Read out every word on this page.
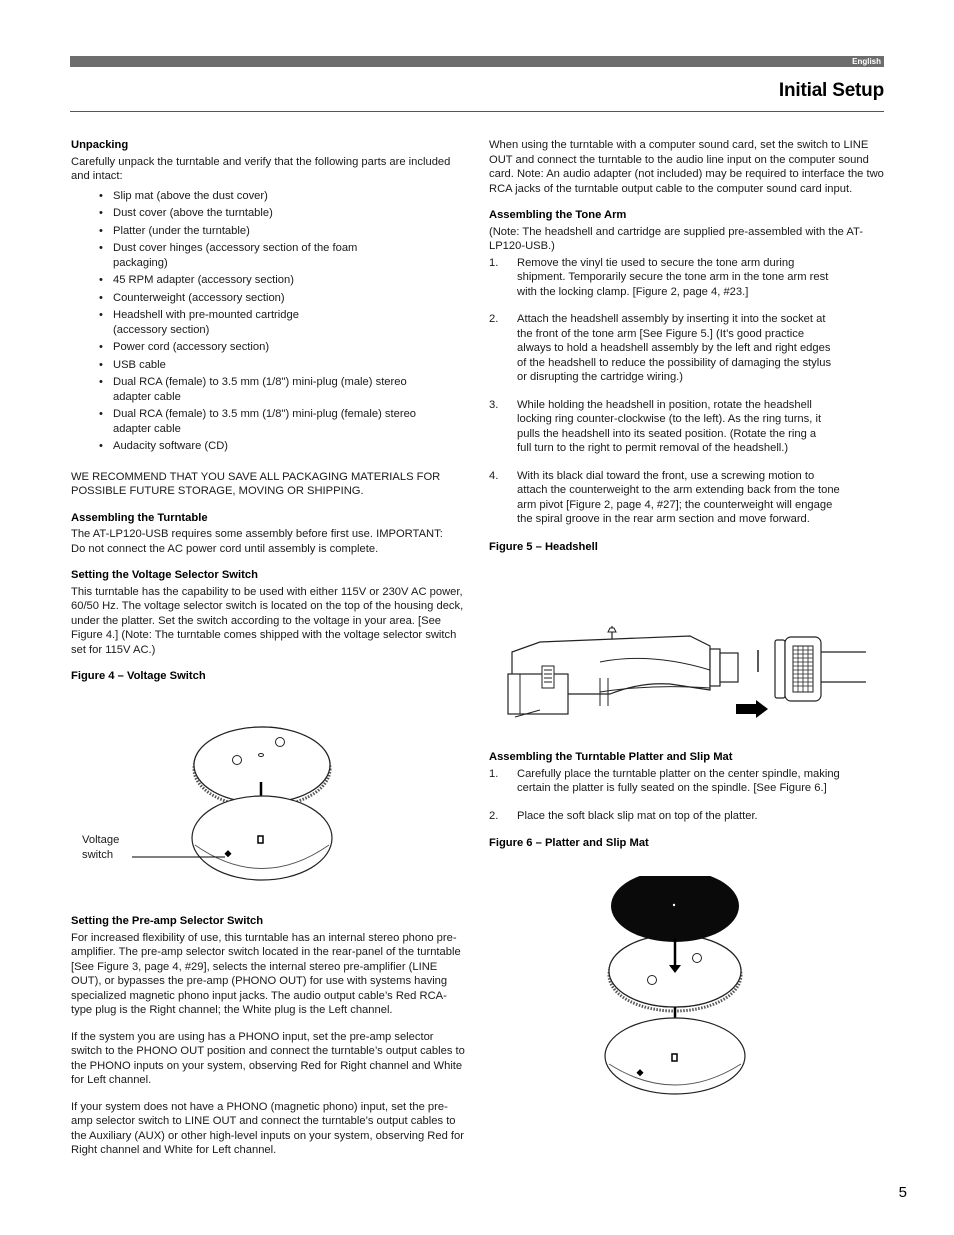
English
Initial Setup

Unpacking

Carefully unpack the turntable and verify that the following parts are included and intact:

• Slip mat (above the dust cover)
• Dust cover (above the turntable)
• Platter (under the turntable)
• Dust cover hinges (accessory section of the foam packaging)
• 45 RPM adapter (accessory section)
• Counterweight (accessory section)
• Headshell with pre-mounted cartridge (accessory section)
• Power cord (accessory section)
• USB cable
• Dual RCA (female) to 3.5 mm (1/8") mini-plug (male) stereo adapter cable
• Dual RCA (female) to 3.5 mm (1/8") mini-plug (female) stereo adapter cable
• Audacity software (CD)

WE RECOMMEND THAT YOU SAVE ALL PACKAGING MATERIALS FOR POSSIBLE FUTURE STORAGE, MOVING OR SHIPPING.

Assembling the Turntable

The AT-LP120-USB requires some assembly before first use. IMPORTANT: Do not connect the AC power cord until assembly is complete.

Setting the Voltage Selector Switch

This turntable has the capability to be used with either 115V or 230V AC power, 60/50 Hz. The voltage selector switch is located on the top of the housing deck, under the platter. Set the switch according to the voltage in your area. [See Figure 4.] (Note: The turntable comes shipped with the voltage selector switch set for 115V AC.)

Figure 4 – Voltage Switch

Voltage switch

Setting the Pre-amp Selector Switch

For increased flexibility of use, this turntable has an internal stereo phono pre-amplifier. The pre-amp selector switch located in the rear-panel of the turntable [See Figure 3, page 4, #29], selects the internal stereo pre-amplifier (LINE OUT), or bypasses the pre-amp (PHONO OUT) for use with systems having specialized magnetic phono input jacks. The audio output cable’s Red RCA-type plug is the Right channel; the White plug is the Left channel.

If the system you are using has a PHONO input, set the pre-amp selector switch to the PHONO OUT position and connect the turntable’s output cables to the PHONO inputs on your system, observing Red for Right channel and White for Left channel.

If your system does not have a PHONO (magnetic phono) input, set the pre-amp selector switch to LINE OUT and connect the turntable’s output cables to the Auxiliary (AUX) or other high-level inputs on your system, observing Red for Right channel and White for Left channel.

When using the turntable with a computer sound card, set the switch to LINE OUT and connect the turntable to the audio line input on the computer sound card. Note: An audio adapter (not included) may be required to interface the two RCA jacks of the turntable output cable to the computer sound card input.

Assembling the Tone Arm

(Note: The headshell and cartridge are supplied pre-assembled with the AT-LP120-USB.)

1. Remove the vinyl tie used to secure the tone arm during shipment. Temporarily secure the tone arm in the tone arm rest with the locking clamp. [Figure 2, page 4, #23.]
2. Attach the headshell assembly by inserting it into the socket at the front of the tone arm [See Figure 5.] (It’s good practice always to hold a headshell assembly by the left and right edges of the headshell to reduce the possibility of damaging the stylus or disrupting the cartridge wiring.)
3. While holding the headshell in position, rotate the headshell locking ring counter-clockwise (to the left). As the ring turns, it pulls the headshell into its seated position. (Rotate the ring a full turn to the right to permit removal of the headshell.)
4. With its black dial toward the front, use a screwing motion to attach the counterweight to the arm extending back from the tone arm pivot [Figure 2, page 4, #27]; the counterweight will engage the spiral groove in the rear arm section and move forward.

Figure 5 – Headshell

Assembling the Turntable Platter and Slip Mat

1. Carefully place the turntable platter on the center spindle, making certain the platter is fully seated on the spindle. [See Figure 6.]
2. Place the soft black slip mat on top of the platter.

Figure 6 – Platter and Slip Mat

5
